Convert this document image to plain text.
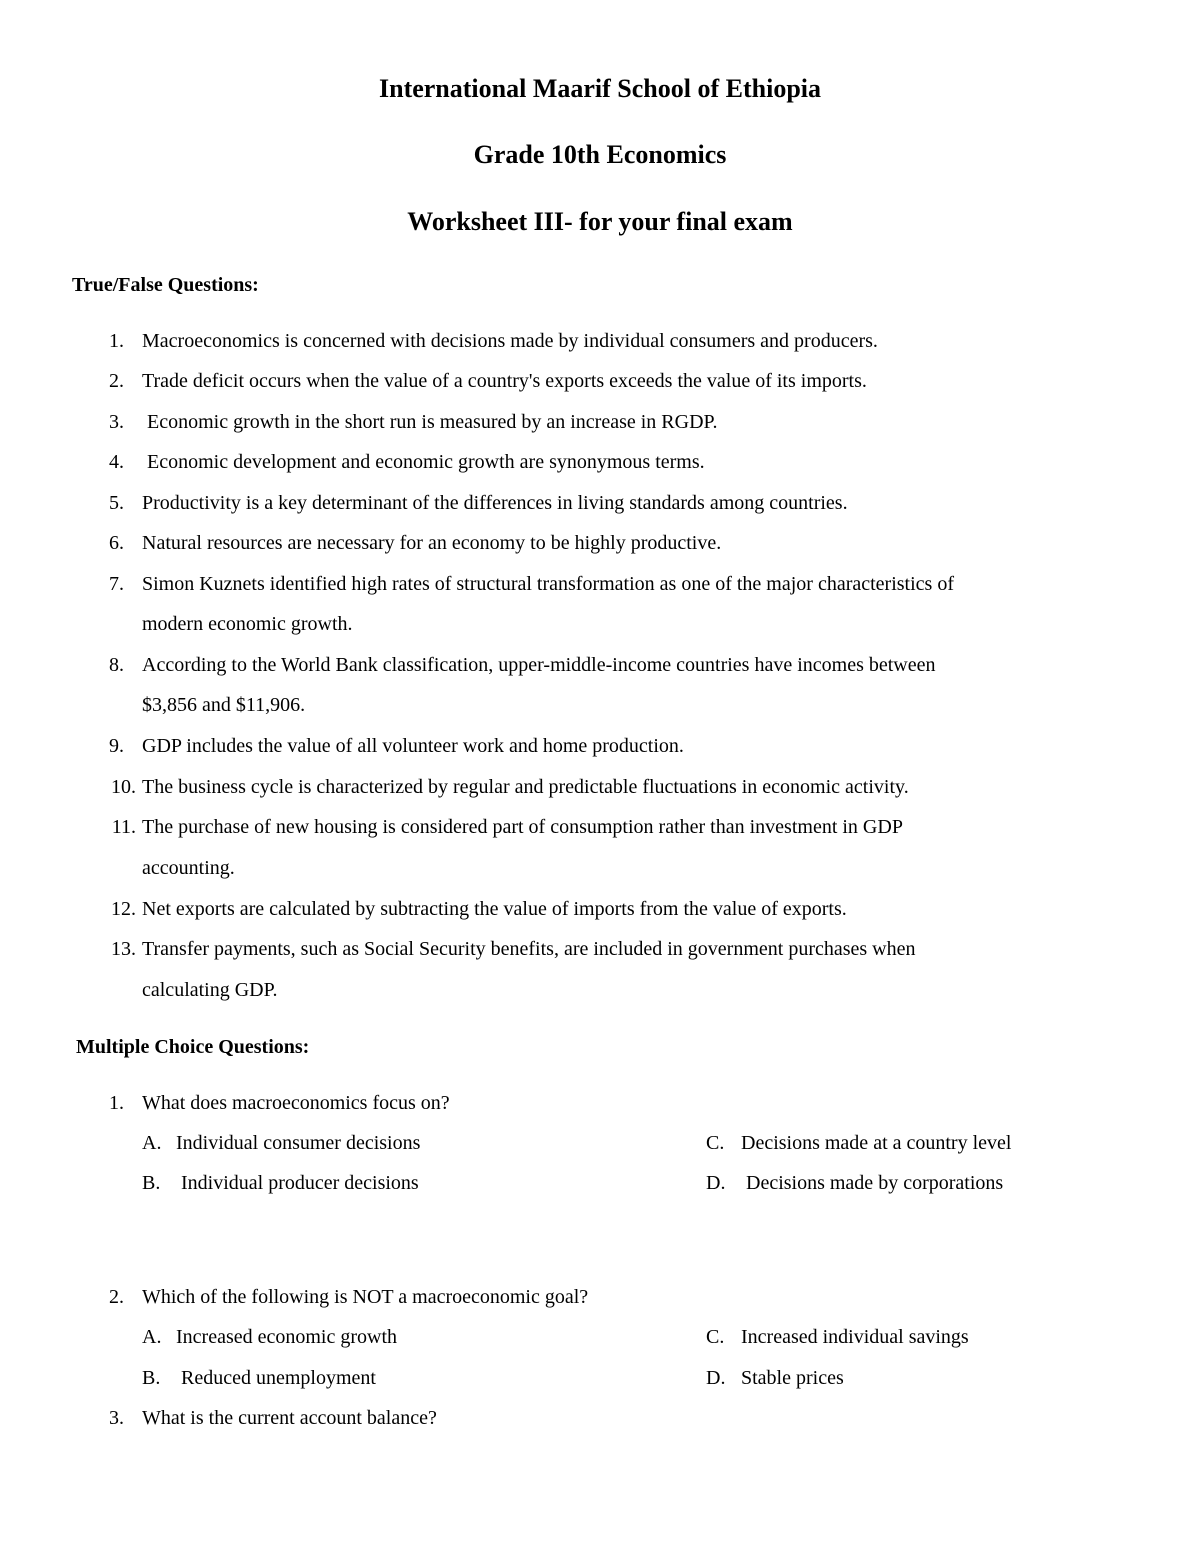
International Maarif School of Ethiopia
Grade 10th Economics
Worksheet III- for your final exam
True/False Questions:
1. Macroeconomics is concerned with decisions made by individual consumers and producers.
2. Trade deficit occurs when the value of a country's exports exceeds the value of its imports.
3. Economic growth in the short run is measured by an increase in RGDP.
4. Economic development and economic growth are synonymous terms.
5. Productivity is a key determinant of the differences in living standards among countries.
6. Natural resources are necessary for an economy to be highly productive.
7. Simon Kuznets identified high rates of structural transformation as one of the major characteristics of
modern economic growth.
8. According to the World Bank classification, upper-middle-income countries have incomes between
$3,856 and $11,906.
9. GDP includes the value of all volunteer work and home production.
10. The business cycle is characterized by regular and predictable fluctuations in economic activity.
11. The purchase of new housing is considered part of consumption rather than investment in GDP
accounting.
12. Net exports are calculated by subtracting the value of imports from the value of exports.
13. Transfer payments, such as Social Security benefits, are included in government purchases when
calculating GDP.
Multiple Choice Questions:
1. What does macroeconomics focus on?
A. Individual consumer decisions
B. Individual producer decisions
C. Decisions made at a country level
D. Decisions made by corporations
2. Which of the following is NOT a macroeconomic goal?
A. Increased economic growth
B. Reduced unemployment
C. Increased individual savings
D. Stable prices
3. What is the current account balance?
